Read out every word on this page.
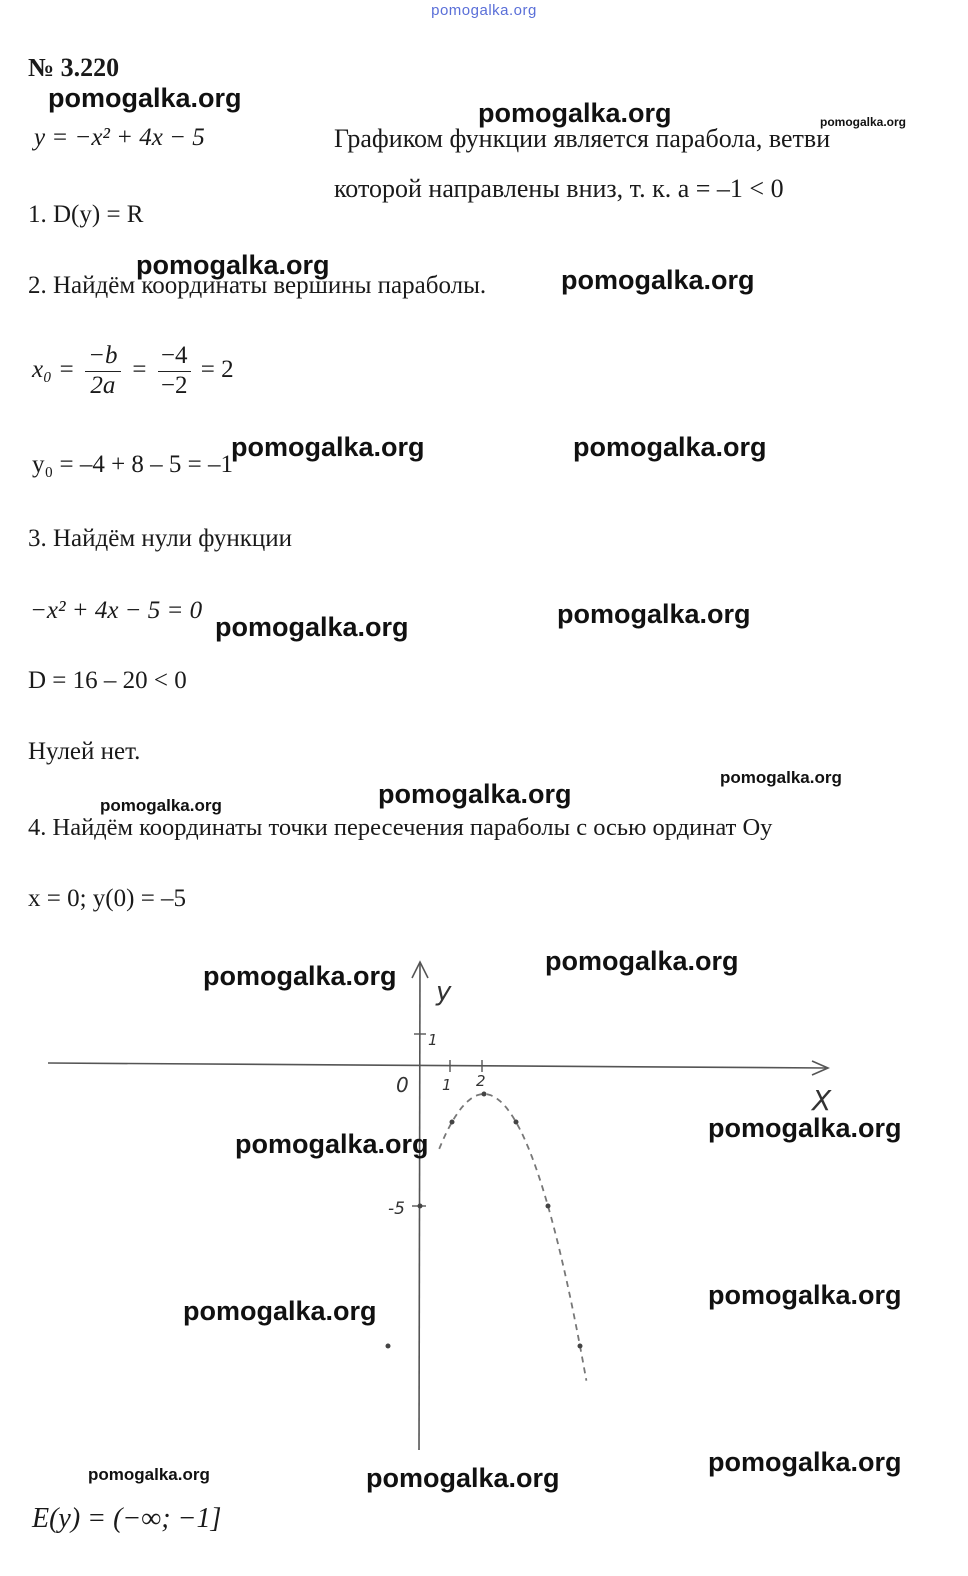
pomogalka.org
№ 3.220
y = −x² + 4x − 5	Графиком функции является парабола, ветви
которой направлены вниз, т. к. a = –1 < 0
1. D(y) = R
2. Найдём координаты вершины параболы.
$x_0 = \frac{-b}{2a} = \frac{-4}{-2} = 2$
y₀ = –4 + 8 – 5 = –1
3. Найдём нули функции
−x² + 4x − 5 = 0
D = 16 – 20 < 0
Нулей нет.
4. Найдём координаты точки пересечения параболы с осью ординат Oy
x = 0; y(0) = –5
E(y) = (−∞; −1]
y
X
0 1 2
1
-5
pomogalka.org	pomogalka.org	pomogalka.org
pomogalka.org	pomogalka.org
pomogalka.org	pomogalka.org
pomogalka.org	pomogalka.org
pomogalka.org
pomogalka.org
pomogalka.org
pomogalka.org
pomogalka.org
pomogalka.org
pomogalka.org
pomogalka.org
pomogalka.org
pomogalka.org
pomogalka.org	pomogalka.org
